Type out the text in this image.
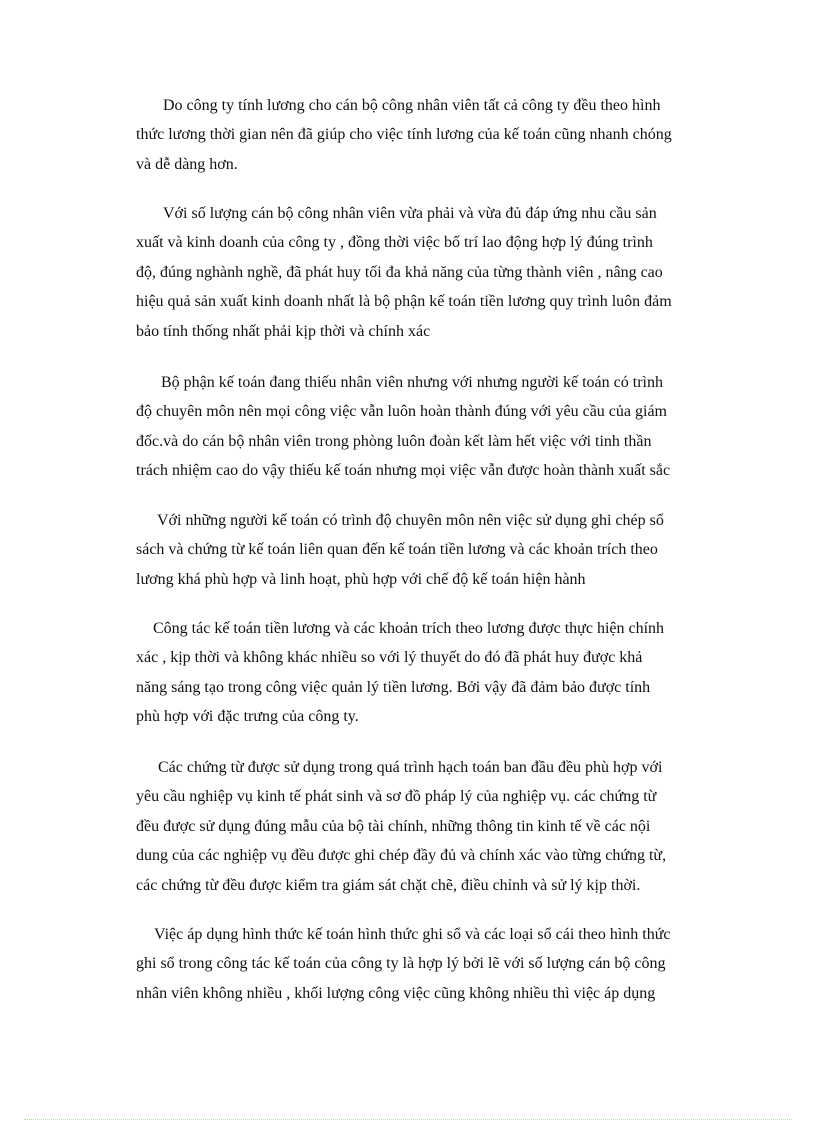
Do công ty tính lương cho cán bộ công nhân viên tất cả công ty đều theo hình
thức lương thời gian nên đã giúp cho việc tính lương của kế toán cũng nhanh chóng
và dễ dàng hơn.
Với số lượng cán bộ công nhân viên vừa phải và vừa đủ đáp ứng nhu cầu sản
xuất và kinh doanh của công ty , đồng thời việc bố trí lao động hợp lý đúng trình
độ, đúng nghành nghề, đã phát huy tối đa khả năng của từng thành viên , nâng cao
hiệu quả sản xuất kinh doanh nhất là bộ phận kế toán tiền lương quy trình luôn đảm
bảo tính thống nhất phải kịp thời và chính xác
Bộ phận kế toán đang thiếu nhân viên nhưng với nhưng người kế toán có trình
độ chuyên môn nên mọi công việc vẫn luôn hoàn thành đúng với yêu cầu của giám
đốc.và do cán bộ nhân viên trong phòng luôn đoàn kết làm hết việc với tinh thần
trách nhiệm cao do vậy thiếu kế toán nhưng mọi việc vẫn được hoàn thành xuất sắc
Với những người kế toán có trình độ chuyên môn nên việc sử dụng ghi chép sổ
sách và chứng từ kế toán liên quan đến kế toán tiền lương và các khoản trích theo
lương khá phù hợp và linh hoạt, phù hợp với chế độ kế toán hiện hành
Công tác kế toán tiền lương và các khoản trích theo lương được thực hiện chính
xác , kịp thời và không khác nhiều so với lý thuyết do đó đã phát huy được khả
năng sáng tạo trong công việc quản lý tiền lương. Bởi vậy đã đảm bảo được tính
phù hợp với đặc trưng của công ty.
Các chứng từ được sử dụng trong quá trình hạch toán ban đầu đều phù hợp với
yêu cầu nghiệp vụ kinh tế phát sinh và sơ đồ pháp lý của nghiệp vụ. các chứng từ
đều được sử dụng đúng mẫu của bộ tài chính, những thông tin kinh tế về các nội
dung của các nghiệp vụ đều được ghi chép đầy đủ và chính xác vào từng chứng từ,
các chứng từ đều được kiểm tra giám sát chặt chẽ, điều chỉnh và sử lý kịp thời.
Việc áp dụng hình thức kế toán hình thức ghi sổ và các loại sổ cái theo hình thức
ghi sổ trong công tác kế toán của công ty là hợp lý bởi lẽ với số lượng cán bộ công
nhân viên không nhiều , khối lượng công việc cũng không nhiều thì việc áp dụng
